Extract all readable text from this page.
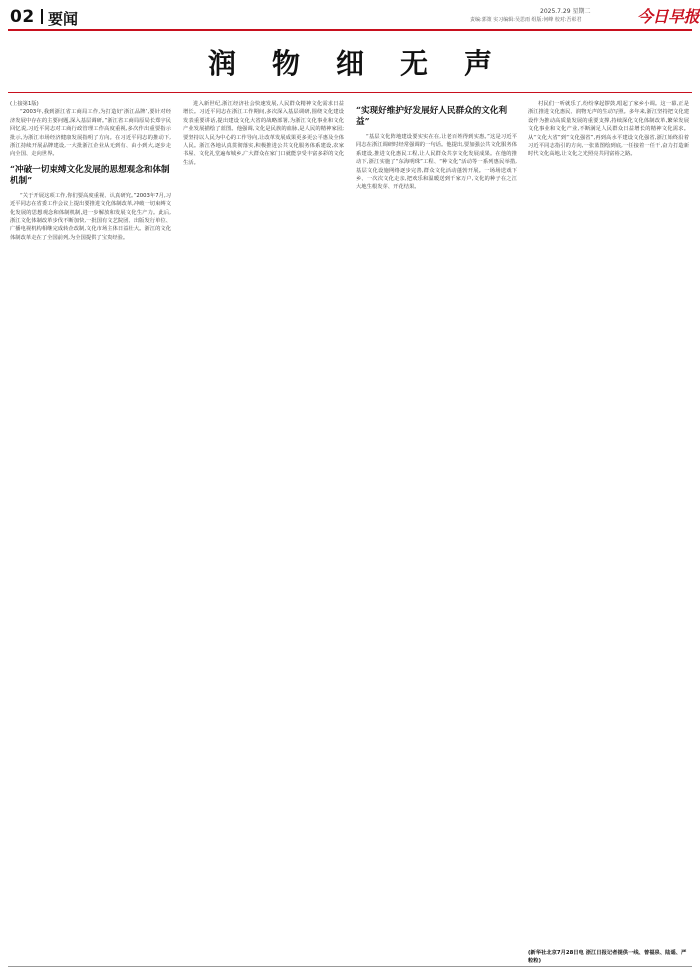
02 要闻	2025.7.29 星期二
责编:郭策 实习编辑:吴思雨 组版:何峰 校对:吾彰君	今日早报
润物细无声

(上接第1版)

“2003年,我到浙江省工商局工作,为打造好‘浙江品牌’,要针对经济发展中存在的主要问题,深入基层调研。”浙江省工商局原局长郑宇民回忆说,习近平同志对工商行政管理工作高度重视,多次作出重要指示批示,为浙江市场经济健康发展指明了方向。在习近平同志的推动下,浙江持续开展品牌建设,一大批浙江企业从无到有、由小到大,逐步走向全国、走向世界。

“冲破一切束缚文化发展的思想观念和体制机制”

“关于开展这项工作,你们要高度重视、认真研究。”2003年7月,习近平同志在省委工作会议上提出要推进文化体制改革,冲破一切束缚文化发展的思想观念和体制机制,进一步解放和发展文化生产力。此后,浙江文化体制改革步伐不断加快,一批国有文艺院团、出版发行单位、广播电视机构相继完成转企改制,文化市场主体日益壮大。浙江的文化体制改革走在了全国前列,为全国提供了宝贵经验。

进入新世纪,浙江经济社会快速发展,人民群众精神文化需求日益增长。习近平同志在浙江工作期间,多次深入基层调研,围绕文化建设发表重要讲话,提出建设文化大省的战略部署,为浙江文化事业和文化产业发展描绘了蓝图。他强调,文化是民族的血脉,是人民的精神家园;要坚持以人民为中心的工作导向,让改革发展成果更多更公平惠及全体人民。浙江各地认真贯彻落实,积极推进公共文化服务体系建设,农家书屋、文化礼堂遍布城乡,广大群众在家门口就能享受丰富多彩的文化生活。

“实现好维护好发展好人民群众的文化利益”

“基层文化阵地建设要实实在在,让老百姓得到实惠。”这是习近平同志在浙江调研时经常强调的一句话。他提出,要加强公共文化服务体系建设,推进文化惠民工程,让人民群众共享文化发展成果。在他的推动下,浙江实施了“东海明珠”工程、“种文化”活动等一系列惠民举措,基层文化设施网络逐步完善,群众文化活动蓬勃开展。一场场送戏下乡、一次次文化走亲,把欢乐和温暖送到千家万户,文化的种子在之江大地生根发芽、开花结果。

村民们一听就乐了,纷纷拿起锣鼓,唱起了家乡小调。这一幕,正是浙江推进文化惠民、润物无声的生动写照。多年来,浙江坚持把文化建设作为推动高质量发展的重要支撑,持续深化文化体制改革,繁荣发展文化事业和文化产业,不断满足人民群众日益增长的精神文化需求。从“文化大省”到“文化强省”,再到高水平建设文化强省,浙江始终沿着习近平同志指引的方向,一张蓝图绘到底,一任接着一任干,奋力打造新时代文化高地,让文化之光照亮共同富裕之路。

(新华社北京7月28日电 浙江日报记者提供一线、曾福泉、陆遥、严粒粒)
